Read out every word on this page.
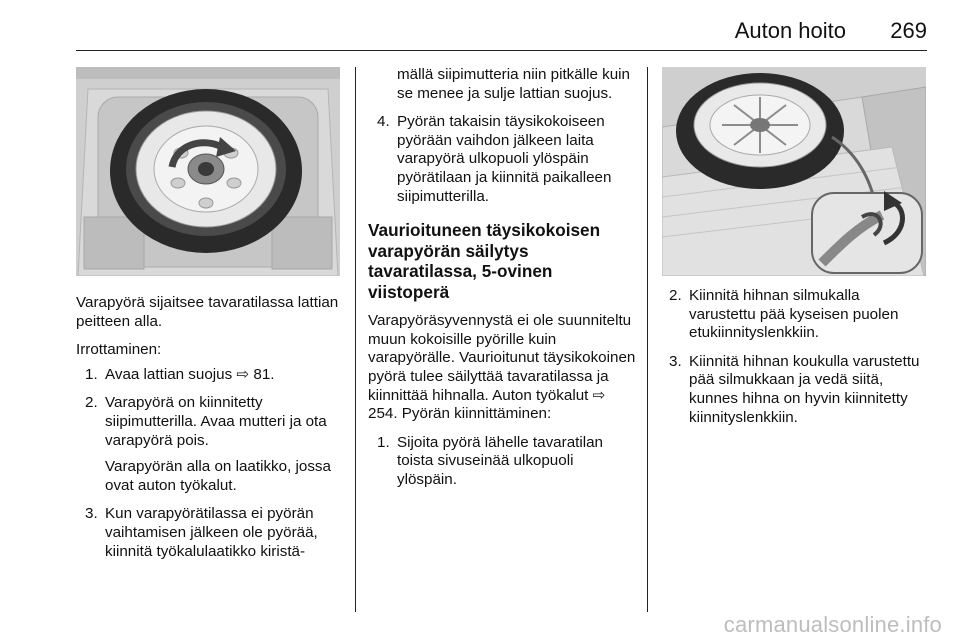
Auton hoito 269

Varapyörä sijaitsee tavaratilassa lattian peitteen alla.

Irrottaminen:

1. Avaa lattian suojus ⇨ 81.
2. Varapyörä on kiinnitetty siipimutterilla. Avaa mutteri ja ota varapyörä pois.
Varapyörän alla on laatikko, jossa ovat auton työkalut.
3. Kun varapyörätilassa ei pyörän vaihtamisen jälkeen ole pyörää, kiinnitä työkalulaatikko kiristä-

mällä siipimutteria niin pitkälle kuin se menee ja sulje lattian suojus.

4. Pyörän takaisin täysikokoiseen pyörään vaihdon jälkeen laita varapyörä ulkopuoli ylöspäin pyörätilaan ja kiinnitä paikalleen siipimutterilla.
Vaurioituneen täysikokoisen varapyörän säilytys tavaratilassa, 5-ovinen viistoperä

Varapyöräsyvennystä ei ole suunniteltu muun kokoisille pyörille kuin varapyörälle. Vaurioitunut täysikokoinen pyörä tulee säilyttää tavaratilassa ja kiinnittää hihnalla. Auton työkalut ⇨ 254. Pyörän kiinnittäminen:

1. Sijoita pyörä lähelle tavaratilan toista sivuseinää ulkopuoli ylöspäin.
2. Kiinnitä hihnan silmukalla varustettu pää kyseisen puolen etukiinnityslenkkiin.
3. Kiinnitä hihnan koukulla varustettu pää silmukkaan ja vedä siitä, kunnes hihna on hyvin kiinnitetty kiinnityslenkkiin.
carmanualsonline.info
